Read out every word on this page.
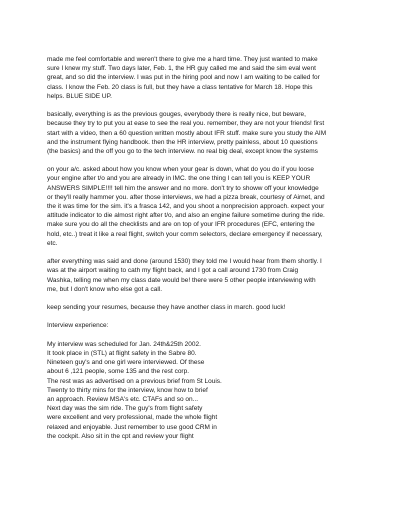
made me feel comfortable and weren't there to give me a hard time. They just wanted to make
sure I knew my stuff. Two days later, Feb. 1, the HR guy called me and said the sim eval went
great, and so did the interview. I was put in the hiring pool and now I am waiting to be called for
class. I know the Feb. 20 class is full, but they have a class tentative for March 18. Hope this
helps. BLUE SIDE UP.
basically, everything is as the previous gouges, everybody there is really nice, but beware,
because they try to put you at ease to see the real you. remember, they are not your friends! first
start with a video, then a 60 question written mostly about IFR stuff. make sure you study the AIM
and the instrument flying handbook. then the HR interview, pretty painless, about 10 questions
(the basics) and the off you go to the tech interview. no real big deal, except know the systems
on your a/c. asked about how you know when your gear is down, what do you do if you loose
your engine after t/o and you are already in IMC. the one thing I can tell you is KEEP YOUR
ANSWERS SIMPLE!!!! tell him the answer and no more. don't try to showw off your knowledge
or they'll really hammer you. after those interviews, we had a pizza break, courtesy of Airnet, and
the it was time for the sim. it's a frasca 142, and you shoot a nonprecision approach. expect your
attitude indicator to die almost right after t/o, and also an engine failure sometime during the ride.
make sure you do all the checklists and are on top of your IFR procedures (EFC, entering the
hold, etc..) treat it like a real flight, switch your comm selectors, declare emergency if necessary,
etc.
after everything was said and done (around 1530) they told me I would hear from them shortly. I
was at the airport waiting to cath my flight back, and I got a call around 1730 from Craig
Washka, telling me when my class date would be! there were 5 other people interviewing with
me, but I don't know who else got a call.
keep sending your resumes, because they have another class in march. good luck!
Interview experience:
My interview was scheduled for Jan. 24th&25th 2002.
It took place in (STL) at flight safety in the Sabre 80.
Nineteen guy's and one girl were interviewed. Of these
about 6 ,121 people, some 135 and the rest corp.
The rest was as advertised on a previous brief from St Louis.
Twenty to thirty mins for the interview, know how to brief
an approach. Review MSA's etc. CTAFs and so on...
Next day was the sim ride. The guy's from flight safety
were excellent and very professional, made the whole flight
relaxed and enjoyable. Just remember to use good CRM in
the cockpit. Also sit in the cpt and review your flight
